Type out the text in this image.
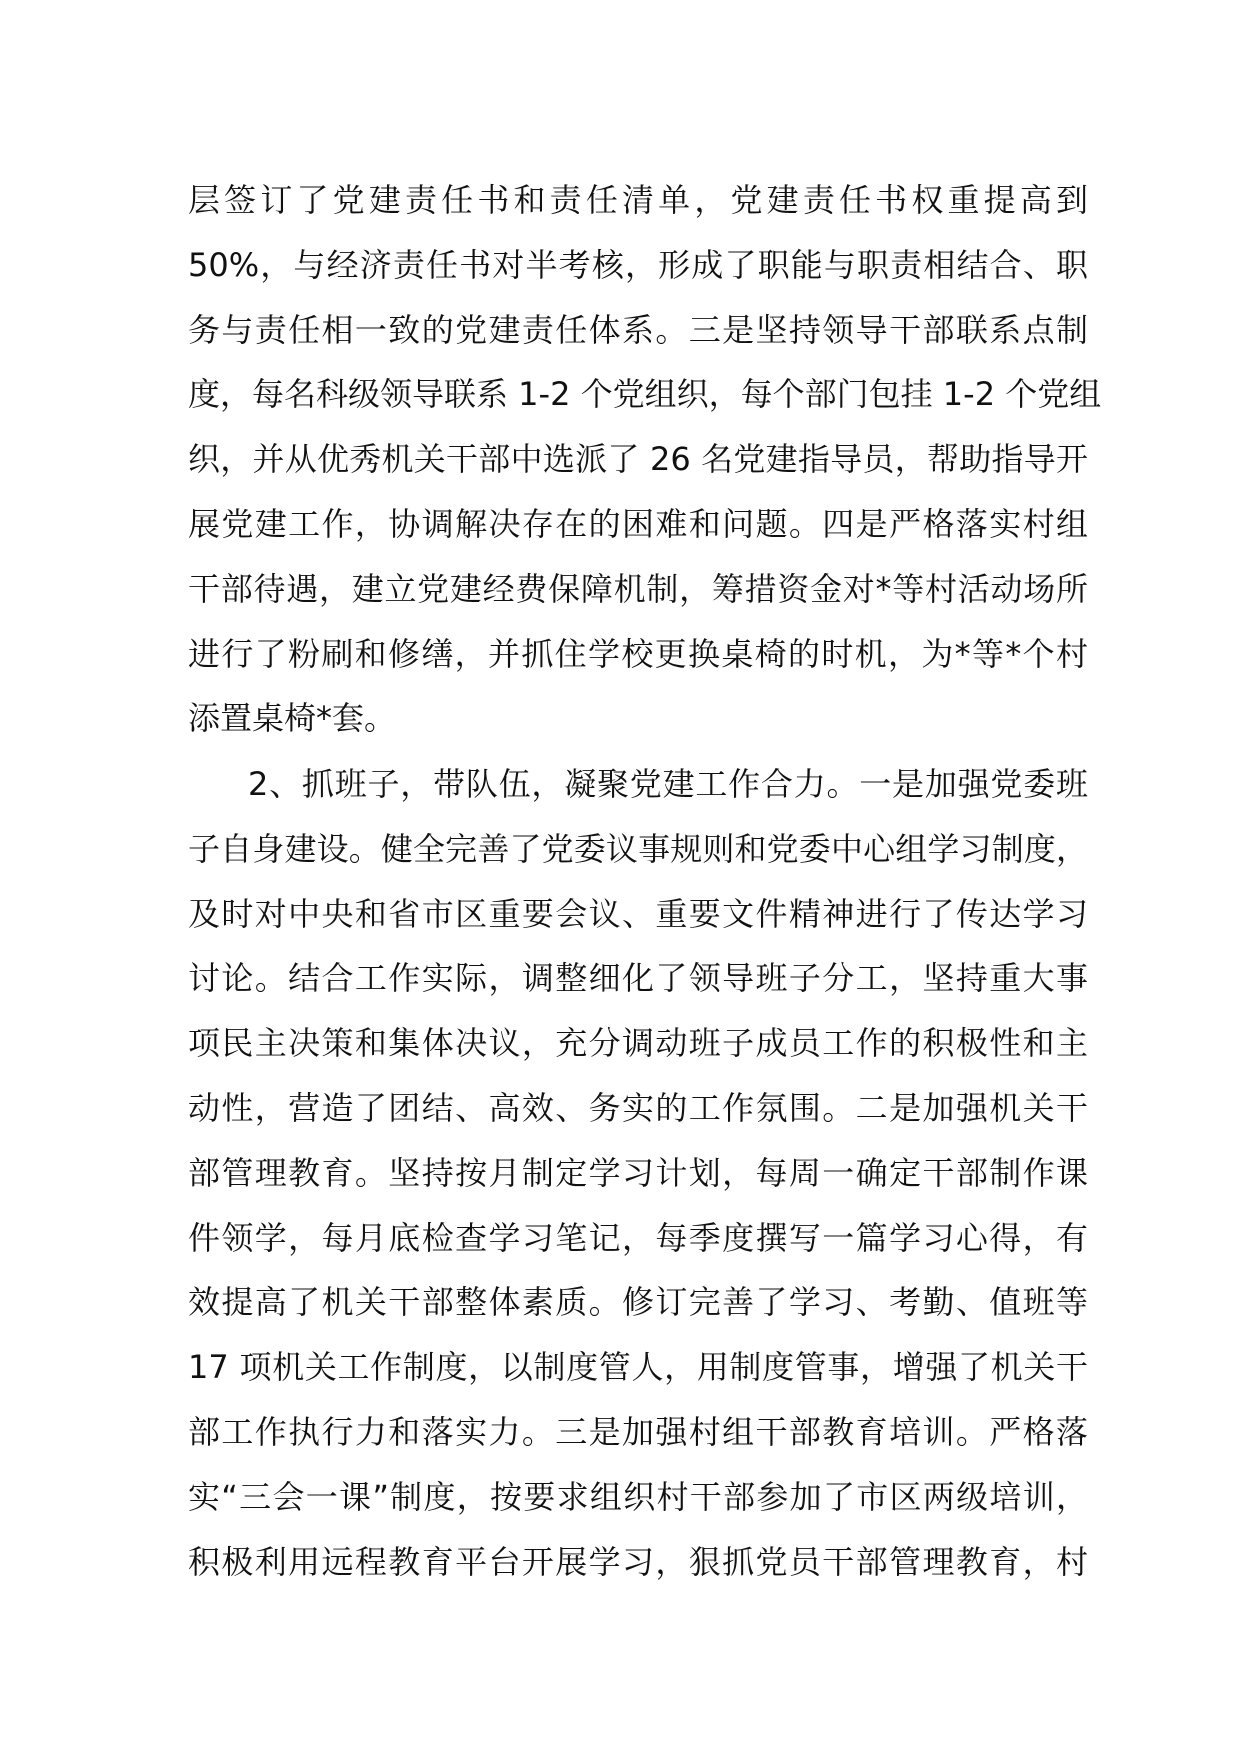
层签订了党建责任书和责任清单，党建责任书权重提高到
50%，与经济责任书对半考核，形成了职能与职责相结合、职
务与责任相一致的党建责任体系。三是坚持领导干部联系点制
度，每名科级领导联系 1-2 个党组织，每个部门包挂 1-2 个党组
织，并从优秀机关干部中选派了 26 名党建指导员，帮助指导开
展党建工作，协调解决存在的困难和问题。四是严格落实村组
干部待遇，建立党建经费保障机制，筹措资金对*等村活动场所
进行了粉刷和修缮，并抓住学校更换桌椅的时机，为*等*个村
添置桌椅*套。
2、抓班子，带队伍，凝聚党建工作合力。一是加强党委班
子自身建设。健全完善了党委议事规则和党委中心组学习制度，
及时对中央和省市区重要会议、重要文件精神进行了传达学习
讨论。结合工作实际，调整细化了领导班子分工，坚持重大事
项民主决策和集体决议，充分调动班子成员工作的积极性和主
动性，营造了团结、高效、务实的工作氛围。二是加强机关干
部管理教育。坚持按月制定学习计划，每周一确定干部制作课
件领学，每月底检查学习笔记，每季度撰写一篇学习心得，有
效提高了机关干部整体素质。修订完善了学习、考勤、值班等
17 项机关工作制度，以制度管人，用制度管事，增强了机关干
部工作执行力和落实力。三是加强村组干部教育培训。严格落
实“三会一课”制度，按要求组织村干部参加了市区两级培训，
积极利用远程教育平台开展学习，狠抓党员干部管理教育，村
